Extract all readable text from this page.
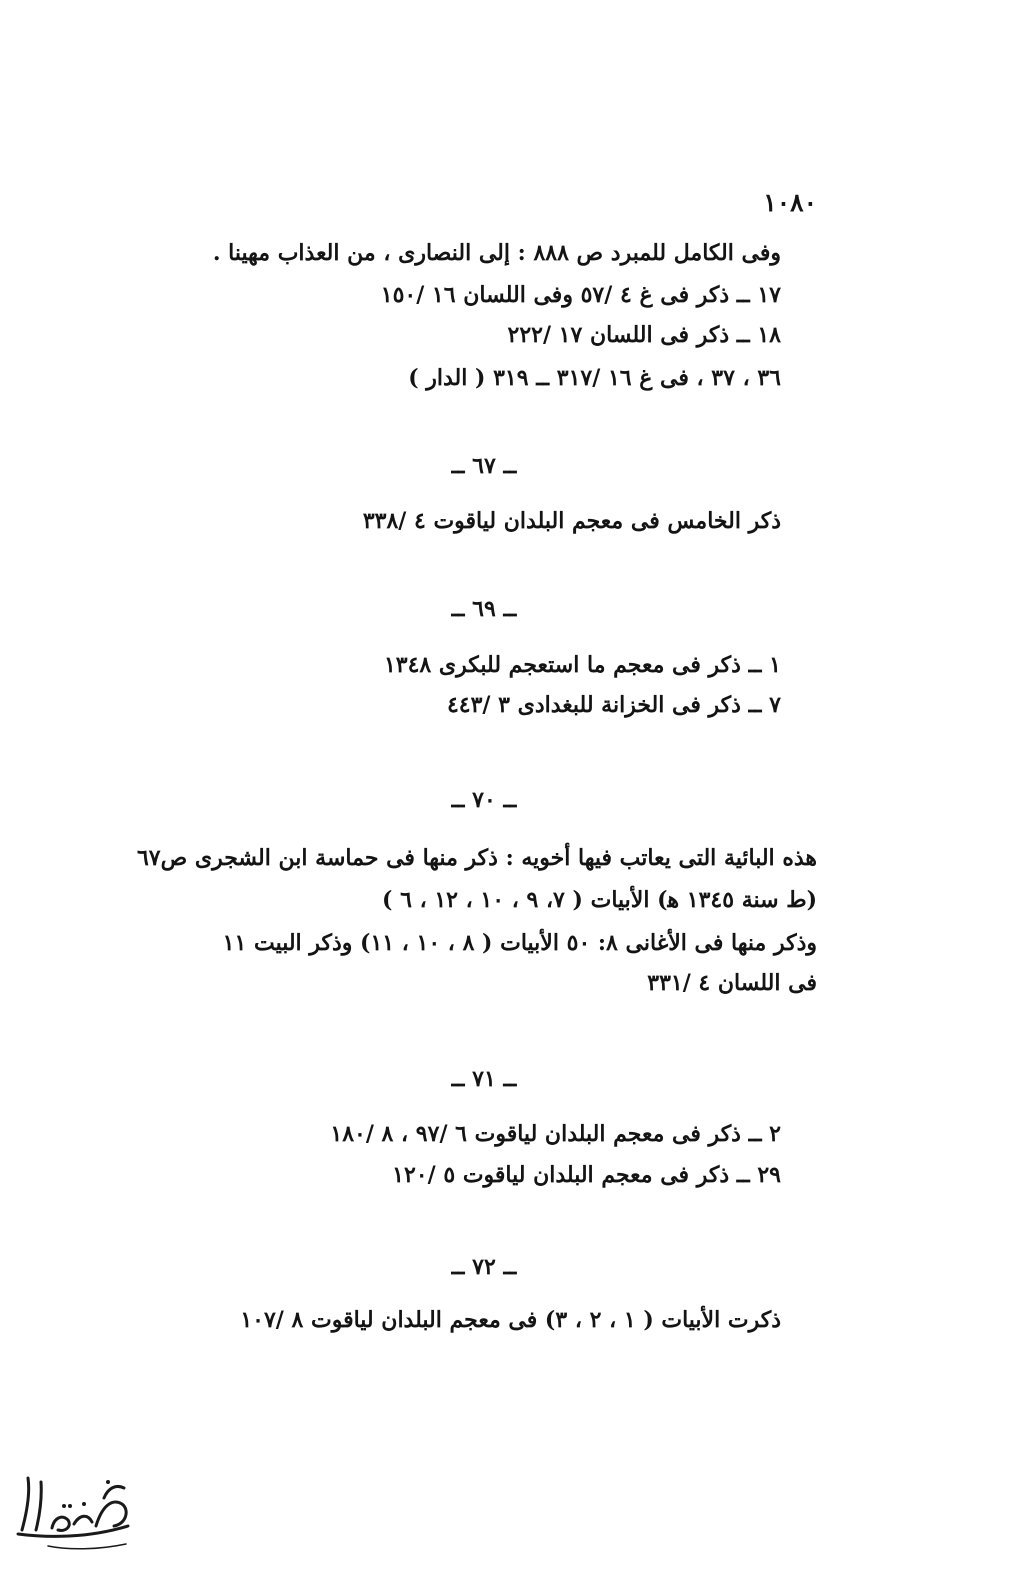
١٠٨٠
وفى الكامل للمبرد ص ٨٨٨ : إلى النصارى ، من العذاب مهينا .
١٧ ــ ذكر فى غ ٤ /٥٧ وفى اللسان ١٦ /١٥٠
١٨ ــ ذكر فى اللسان ١٧ /٢٢٢
٣٦ ، ٣٧ ، فى غ ١٦ /٣١٧ ــ ٣١٩ ( الدار )
ــ ٦٧ ــ
ذكر الخامس فى معجم البلدان لياقوت ٤ /٣٣٨
ــ ٦٩ ــ
١ ــ ذكر فى معجم ما استعجم للبكرى ١٣٤٨
٧ ــ ذكر فى الخزانة للبغدادى ٣ /٤٤٣
ــ ٧٠ ــ
هذه البائية التى يعاتب فيها أخويه : ذكر منها فى حماسة ابن الشجرى ص٦٧
(ط سنة ١٣٤٥ ﻫ) الأبيات ( ٧، ٩ ، ١٠ ، ١٢ ، ٦ )
وذكر منها فى الأغانى ٨: ٥٠ الأبيات ( ٨ ، ١٠ ، ١١) وذكر البيت ١١
فى اللسان ٤ /٣٣١
ــ ٧١ ــ
٢ ــ ذكر فى معجم البلدان لياقوت ٦ /٩٧ ، ٨ /١٨٠
٢٩ ــ ذكر فى معجم البلدان لياقوت ٥ /١٢٠
ــ ٧٢ ــ
ذكرت الأبيات ( ١ ، ٢ ، ٣) فى معجم البلدان لياقوت ٨ /١٠٧
